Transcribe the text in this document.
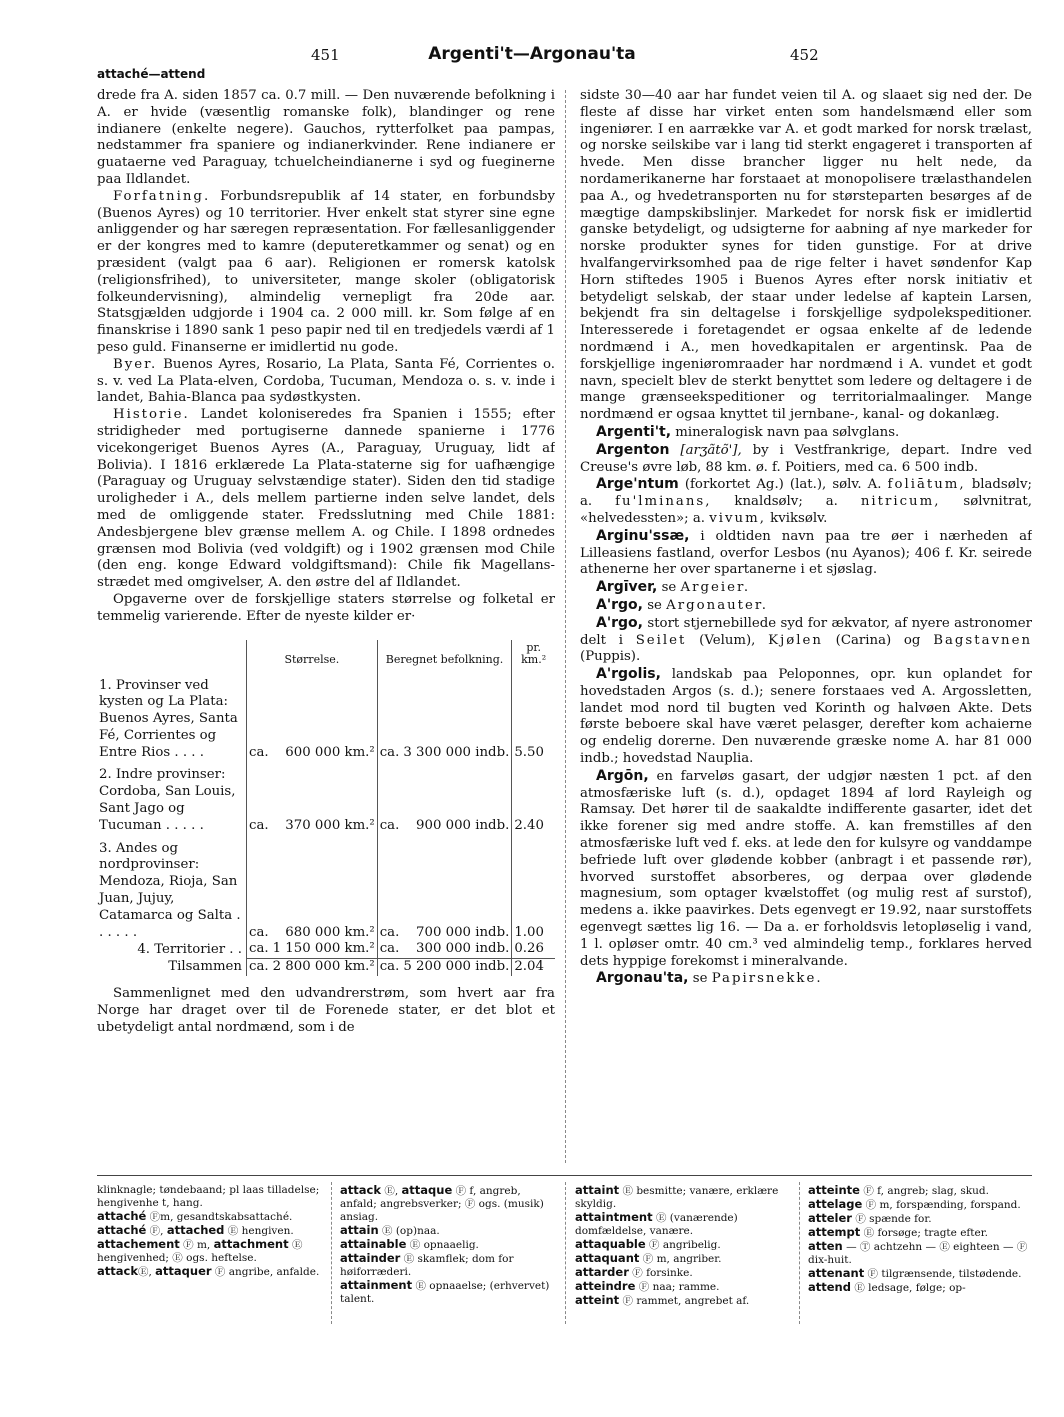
451	Argenti't—Argonau'ta	452
attaché—attend

drede fra A. siden 1857 ca. 0.7 mill. — Den nuværende befolkning i A. er hvide (væsentlig romanske folk), blandinger og rene indianere (enkelte negere). Gauchos, rytterfolket paa pampas, nedstammer fra spaniere og indianerkvinder. Rene indianere er guataerne ved Paraguay, tchuelcheindianerne i syd og fueginerne paa Ildlandet.

Forfatning. Forbundsrepublik af 14 stater, en forbundsby (Buenos Ayres) og 10 territorier. Hver enkelt stat styrer sine egne anliggender og har særegen repræsentation. For fællesanliggender er der kongres med to kamre (deputeretkammer og senat) og en præsident (valgt paa 6 aar). Religionen er romersk katolsk (religionsfrihed), to universiteter, mange skoler (obligatorisk folkeundervisning), almindelig vernepligt fra 20de aar. Statsgjælden udgjorde i 1904 ca. 2 000 mill. kr. Som følge af en finanskrise i 1890 sank 1 peso papir ned til en tredjedels værdi af 1 peso guld. Finanserne er imidlertid nu gode.

Byer. Buenos Ayres, Rosario, La Plata, Santa Fé, Corrientes o. s. v. ved La Plata-elven, Cordoba, Tucuman, Mendoza o. s. v. inde i landet, Bahia-Blanca paa sydøstkysten.

Historie. Landet koloniseredes fra Spanien i 1555; efter stridigheder med portugiserne dannede spanierne i 1776 vicekongeriget Buenos Ayres (A., Paraguay, Uruguay, lidt af Bolivia). I 1816 erklærede La Plata-staterne sig for uafhængige (Paraguay og Uruguay selvstændige stater). Siden den tid stadige uroligheder i A., dels mellem partierne inden selve landet, dels med de omliggende stater. Fredsslutning med Chile 1881: Andesbjergene blev grænse mellem A. og Chile. I 1898 ordnedes grænsen mod Bolivia (ved voldgift) og i 1902 grænsen mod Chile (den eng. konge Edward voldgiftsmand): Chile fik Magellans-strædet med omgivelser, A. den østre del af Ildlandet.

Opgaverne over de forskjellige staters størrelse og folketal er temmelig varierende. Efter de nyeste kilder er·

	Størrelse.		Beregnet befolkning.		pr. km.²
1. Provinser ved kysten og La Plata: Buenos Ayres, Santa Fé, Corrientes og Entre Rios . . . .	ca.	600 000 km.²	ca.	3 300 000 indb.	5.50
2. Indre provinser: Cordoba, San Louis, Sant Jago og Tucuman . . . . .	ca.	370 000 km.²	ca.	900 000 indb.	2.40
3. Andes og nordprovinser: Mendoza, Rioja, San Juan, Jujuy, Catamarca og Salta . . . . . .	ca.	680 000 km.²	ca.	700 000 indb.	1.00
4. Territorier . .	ca.	1 150 000 km.²	ca.	300 000 indb.	0.26
Tilsammen	ca.	2 800 000 km.²	ca.	5 200 000 indb.	2.04

Sammenlignet med den udvandrerstrøm, som hvert aar fra Norge har draget over til de Forenede stater, er det blot et ubetydeligt antal nordmænd, som i de

sidste 30—40 aar har fundet veien til A. og slaaet sig ned der. De fleste af disse har virket enten som handelsmænd eller som ingeniører. I en aarrække var A. et godt marked for norsk trælast, og norske seilskibe var i lang tid sterkt engageret i transporten af hvede. Men disse brancher ligger nu helt nede, da nordamerikanerne har forstaaet at monopolisere trælasthandelen paa A., og hvedetransporten nu for størsteparten besørges af de mægtige dampskibslinjer. Markedet for norsk fisk er imidlertid ganske betydeligt, og udsigterne for aabning af nye markeder for norske produkter synes for tiden gunstige. For at drive hvalfangervirksomhed paa de rige felter i havet søndenfor Kap Horn stiftedes 1905 i Buenos Ayres efter norsk initiativ et betydeligt selskab, der staar under ledelse af kaptein Larsen, bekjendt fra sin deltagelse i forskjellige sydpolekspeditioner. Interesserede i foretagendet er ogsaa enkelte af de ledende nordmænd i A., men hovedkapitalen er argentinsk. Paa de forskjellige ingeniøromraader har nordmænd i A. vundet et godt navn, specielt blev de sterkt benyttet som ledere og deltagere i de mange grænseekspeditioner og territorialmaalinger. Mange nordmænd er ogsaa knyttet til jernbane-, kanal- og dokanlæg.

Argenti't, mineralogisk navn paa sølvglans.

Argenton [arʒãtõ'], by i Vestfrankrige, depart. Indre ved Creuse's øvre løb, 88 km. ø. f. Poitiers, med ca. 6 500 indb.

Arge'ntum (forkortet Ag.) (lat.), sølv. A. foliātum, bladsølv; a. fu'lminans, knaldsølv; a. nitricum, sølvnitrat, «helvedessten»; a. vivum, kviksølv.

Arginu'ssæ, i oldtiden navn paa tre øer i nærheden af Lilleasiens fastland, overfor Lesbos (nu Ayanos); 406 f. Kr. seirede athenerne her over spartanerne i et sjøslag.

Argīver, se Argeier.

A'rgo, se Argonauter.

A'rgo, stort stjernebillede syd for ækvator, af nyere astronomer delt i Seilet (Velum), Kjølen (Carina) og Bagstavnen (Puppis).

A'rgolis, landskab paa Peloponnes, opr. kun oplandet for hovedstaden Argos (s. d.); senere forstaaes ved A. Argossletten, landet mod nord til bugten ved Korinth og halvøen Akte. Dets første beboere skal have været pelasger, derefter kom achaierne og endelig dorerne. Den nuværende græske nome A. har 81 000 indb.; hovedstad Nauplia.

Argōn, en farveløs gasart, der udgjør næsten 1 pct. af den atmosfæriske luft (s. d.), opdaget 1894 af lord Rayleigh og Ramsay. Det hører til de saakaldte indifferente gasarter, idet det ikke forener sig med andre stoffe. A. kan fremstilles af den atmosfæriske luft ved f. eks. at lede den for kulsyre og vanddampe befriede luft over glødende kobber (anbragt i et passende rør), hvorved surstoffet absorberes, og derpaa over glødende magnesium, som optager kvælstoffet (og mulig rest af surstof), medens a. ikke paavirkes. Dets egenvegt er 19.92, naar surstoffets egenvegt sættes lig 16. — Da a. er forholdsvis letopløselig i vand, 1 l. opløser omtr. 40 cm.³ ved almindelig temp., forklares herved dets hyppige forekomst i mineralvande.

Argonau'ta, se Papirsnekke.

klinknagle; tøndebaand; pl laas tilladelse; hengivenhe t, hang.

attaché Ⓕm, gesandtskabsattaché.

attaché Ⓕ, attached Ⓔ hengiven.

attachement Ⓕ m, attachment Ⓔ hengivenhed; Ⓔ ogs. heftelse.

attackⒺ, attaquer Ⓕ angribe, anfalde.

attack Ⓔ, attaque Ⓕ f, angreb, anfald; angrebsverker; Ⓕ ogs. (musik) ansiag.

attain Ⓔ (op)naa.

attainable Ⓔ opnaaelig.

attainder Ⓔ skamflek; dom for høiforræderi.

attainment Ⓔ opnaaelse; (erhvervet) talent.

attaint Ⓔ besmitte; vanære, erklære skyldig.

attaintment Ⓔ (vanærende) domfældelse, vanære.

attaquable Ⓕ angribelig.

attaquant Ⓕ m, angriber.

attarder Ⓕ forsinke.

atteindre Ⓕ naa; ramme.

atteint Ⓕ rammet, angrebet af.

atteinte Ⓕ f, angreb; slag, skud.

attelage Ⓕ m, forspænding, forspand.

atteler Ⓕ spænde for.

attempt Ⓔ forsøge; tragte efter.

atten — Ⓣ achtzehn — Ⓔ eighteen — Ⓕ dix-huit.

attenant Ⓕ tilgrænsende, tilstødende.

attend Ⓔ ledsage, følge; op-
